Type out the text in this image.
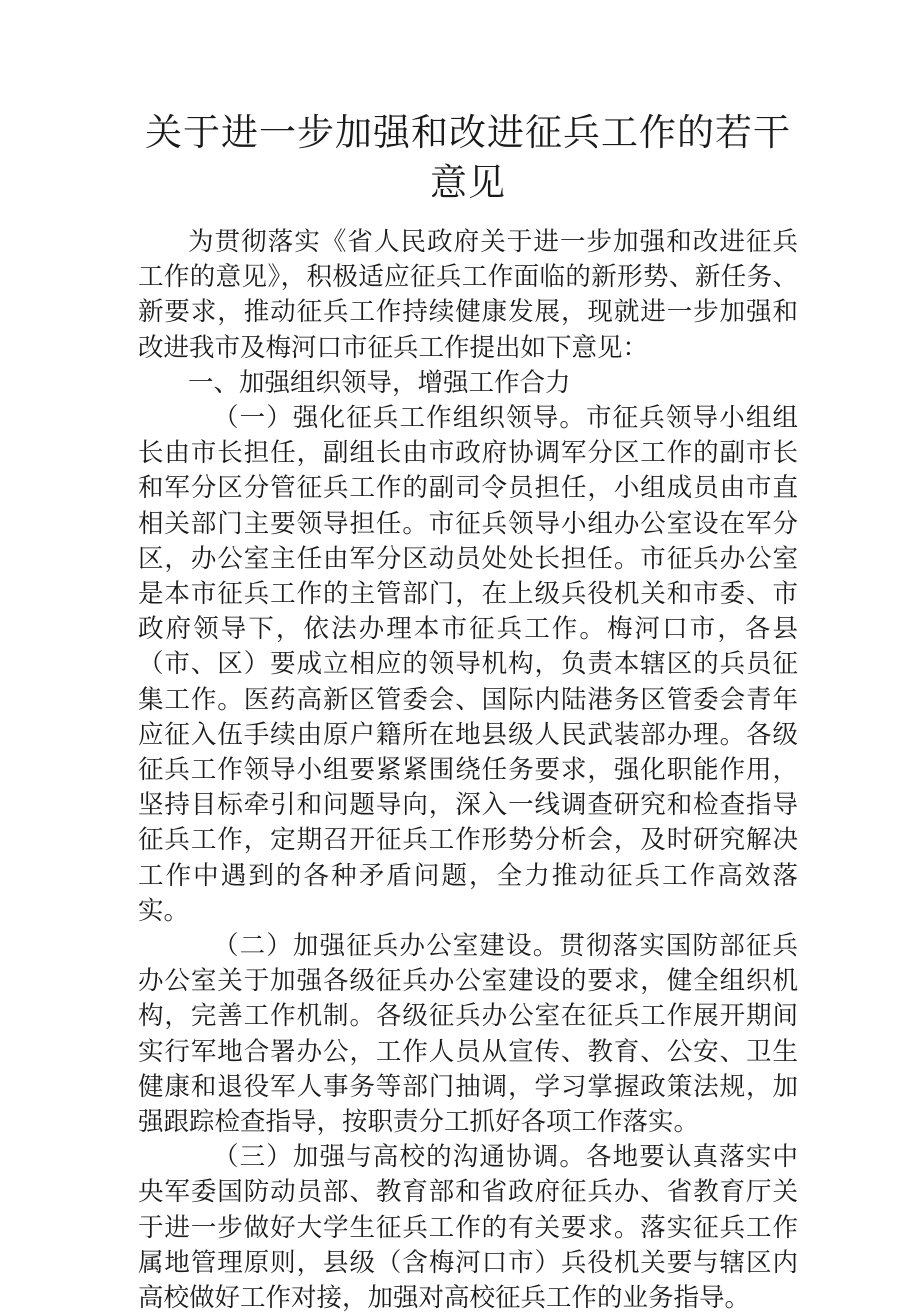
关于进一步加强和改进征兵工作的若干意见

为贯彻落实《省人民政府关于进一步加强和改进征兵工作的意见》，积极适应征兵工作面临的新形势、新任务、新要求，推动征兵工作持续健康发展，现就进一步加强和改进我市及梅河口市征兵工作提出如下意见：

一、加强组织领导，增强工作合力

（一）强化征兵工作组织领导。市征兵领导小组组长由市长担任，副组长由市政府协调军分区工作的副市长和军分区分管征兵工作的副司令员担任，小组成员由市直相关部门主要领导担任。市征兵领导小组办公室设在军分区，办公室主任由军分区动员处处长担任。市征兵办公室是本市征兵工作的主管部门，在上级兵役机关和市委、市政府领导下，依法办理本市征兵工作。梅河口市，各县（市、区）要成立相应的领导机构，负责本辖区的兵员征集工作。医药高新区管委会、国际内陆港务区管委会青年应征入伍手续由原户籍所在地县级人民武装部办理。各级征兵工作领导小组要紧紧围绕任务要求，强化职能作用，坚持目标牵引和问题导向，深入一线调查研究和检查指导征兵工作，定期召开征兵工作形势分析会，及时研究解决工作中遇到的各种矛盾问题，全力推动征兵工作高效落实。

（二）加强征兵办公室建设。贯彻落实国防部征兵办公室关于加强各级征兵办公室建设的要求，健全组织机构，完善工作机制。各级征兵办公室在征兵工作展开期间实行军地合署办公，工作人员从宣传、教育、公安、卫生健康和退役军人事务等部门抽调，学习掌握政策法规，加强跟踪检查指导，按职责分工抓好各项工作落实。

（三）加强与高校的沟通协调。各地要认真落实中央军委国防动员部、教育部和省政府征兵办、省教育厅关于进一步做好大学生征兵工作的有关要求。落实征兵工作属地管理原则，县级（含梅河口市）兵役机关要与辖区内高校做好工作对接，加强对高校征兵工作的业务指导。
